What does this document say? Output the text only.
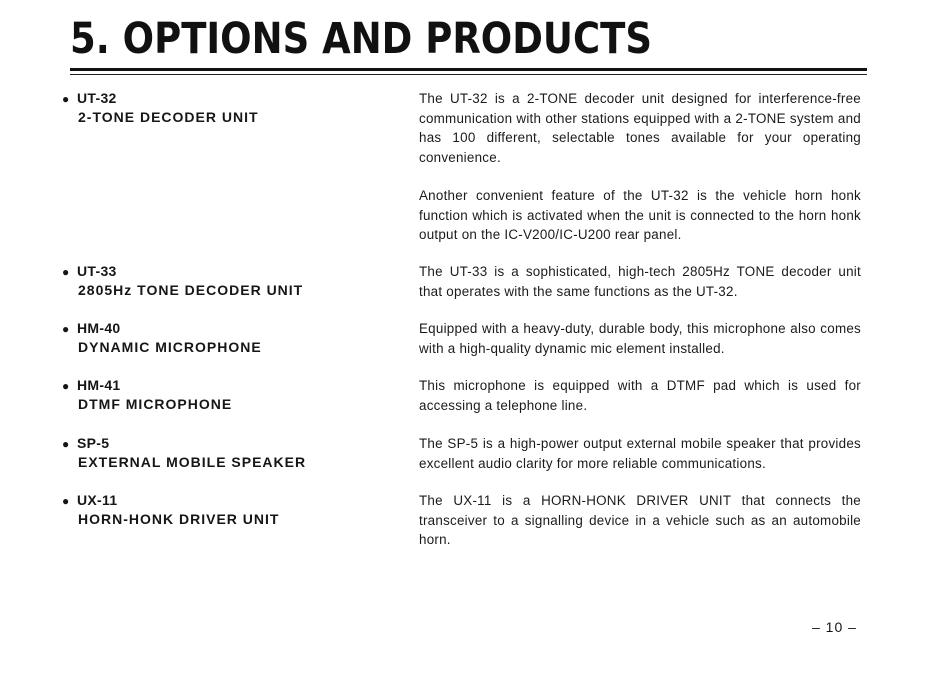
5. OPTIONS AND PRODUCTS
● UT-32
2-TONE DECODER UNIT

The UT-32 is a 2-TONE decoder unit designed for interference-free communication with other stations equipped with a 2-TONE system and has 100 different, selectable tones available for your operating convenience.

Another convenient feature of the UT-32 is the vehicle horn honk function which is activated when the unit is connected to the horn honk output on the IC-V200/IC-U200 rear panel.

● UT-33
2805Hz TONE DECODER UNIT

The UT-33 is a sophisticated, high-tech 2805Hz TONE decoder unit that operates with the same functions as the UT-32.

● HM-40
DYNAMIC MICROPHONE

Equipped with a heavy-duty, durable body, this microphone also comes with a high-quality dynamic mic element installed.

● HM-41
DTMF MICROPHONE

This microphone is equipped with a DTMF pad which is used for accessing a telephone line.

● SP-5
EXTERNAL MOBILE SPEAKER

The SP-5 is a high-power output external mobile speaker that provides excellent audio clarity for more reliable communications.

● UX-11
HORN-HONK DRIVER UNIT

The UX-11 is a HORN-HONK DRIVER UNIT that connects the transceiver to a signalling device in a vehicle such as an automobile horn.

– 10 –
